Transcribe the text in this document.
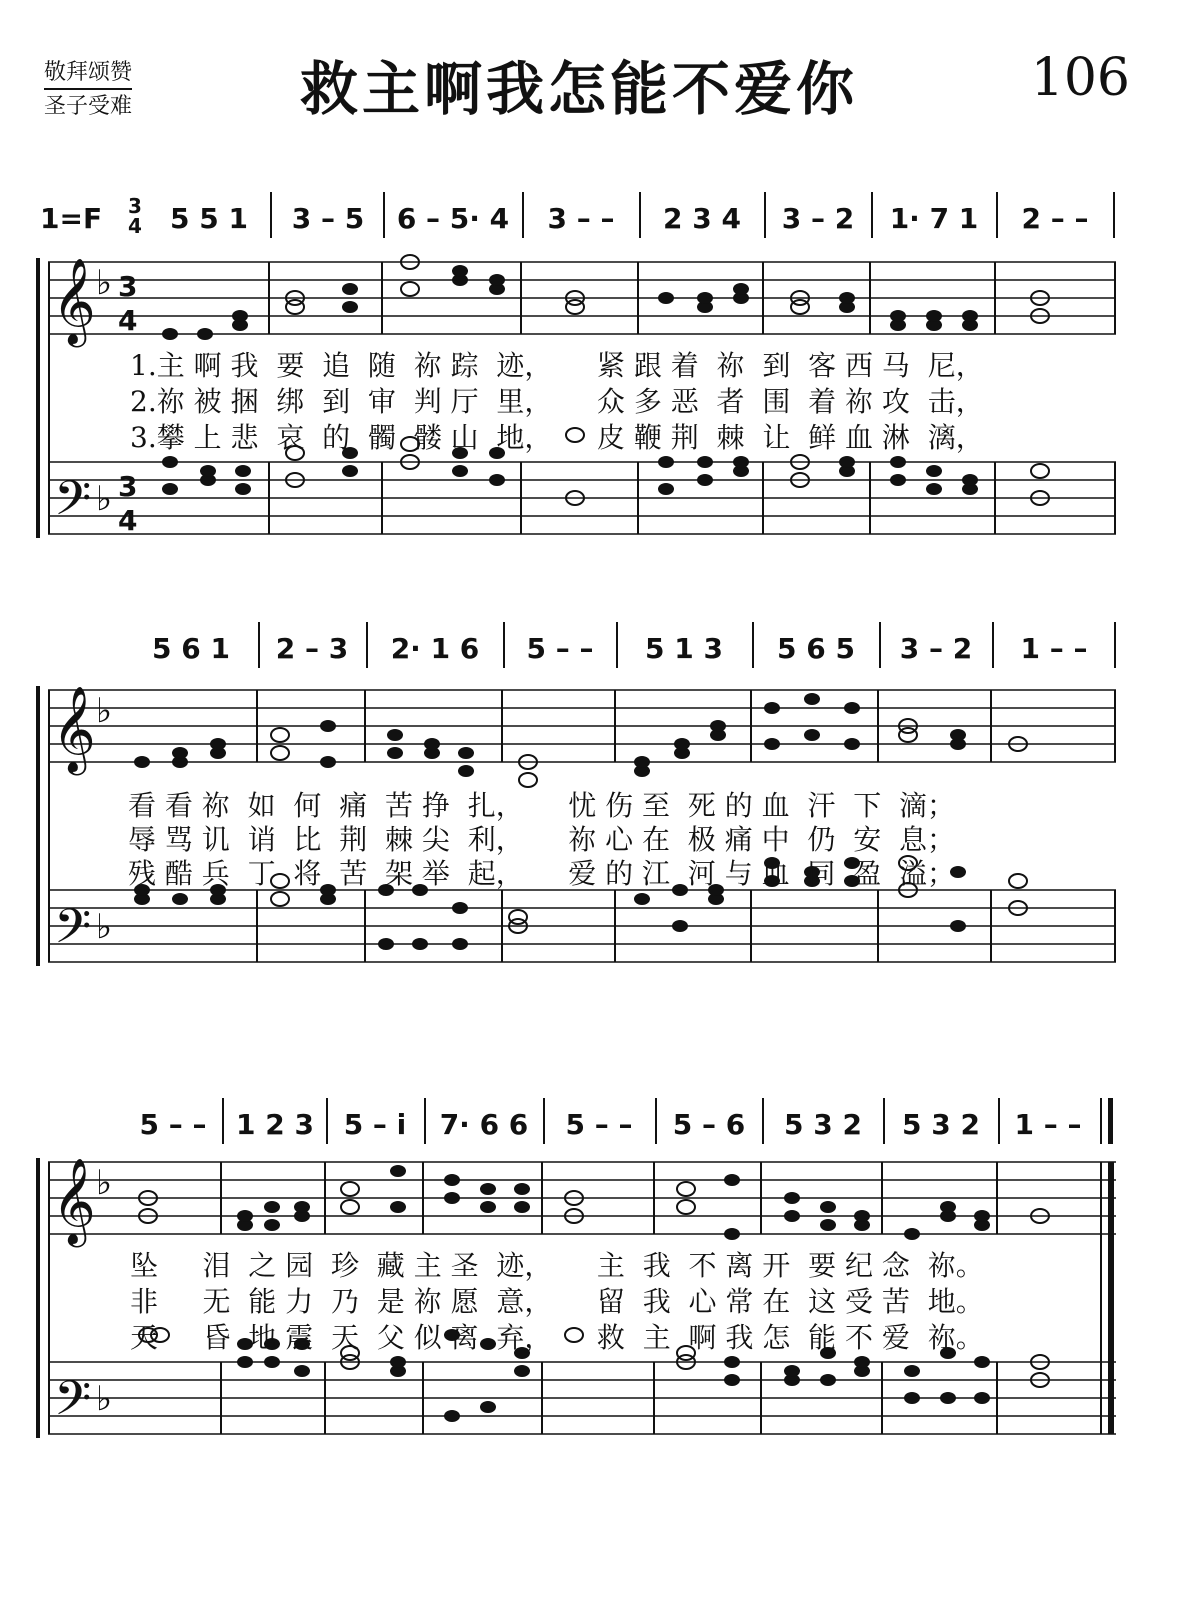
敬拜颂赞
圣子受难	救主啊我怎能不爱你	106
1=F 3
4	5 5 1	3 – 5	6 – 5· 4	3 – –	2 3 4	3 – 2	1· 7 1	2 – –
5 6 1	2 – 3	2· 1 6	5 – –	5 1 3	5 6 5	3 – 2	1 – –
5 – –	1 2 3	5 – i	7· 6 6	5 – –	5 – 6	5 3 2	5 3 2	1 – –
𝄞
𝄢
♭
♭
3
4
3
4
1.主 啊 我  要  追  随  祢 踪  迹，     紧 跟 着  祢  到  客 西 马  尼，
2.祢 被 捆  绑  到  审  判 厅  里，     众 多 恶  者  围  着 祢 攻  击，
3.攀 上 悲  哀  的  髑  髅 山  地，     皮 鞭 荆  棘  让  鲜 血 淋  漓，
𝄞
𝄢
♭
♭
看 看 祢  如  何  痛  苦 挣  扎，     忧 伤 至  死 的 血  汗  下  滴；
辱 骂 讥  诮  比  荆  棘 尖  利，     祢 心 在  极 痛 中  仍  安  息；
残 酷 兵  丁  将  苦  架 举  起，     爱 的 江  河 与 血  同  盈  溢；
𝄞
𝄢
♭
♭
坠     泪  之 园  珍  藏 主 圣  迹，     主  我  不 离 开  要 纪 念  祢。
非     无  能 力  乃  是 祢 愿  意，     留  我  心 常 在  这 受 苦  地。
天     昏  地 震  天  父 似 离  弃，     救  主  啊 我 怎  能 不 爱  祢。
